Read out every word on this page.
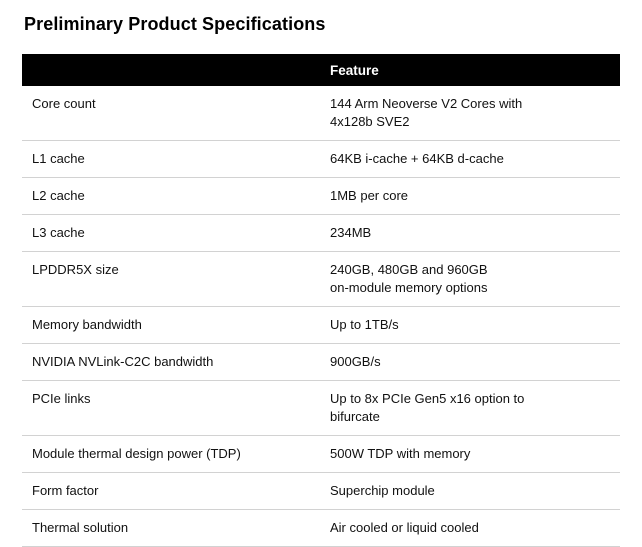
Preliminary Product Specifications
	Feature
Core count	144 Arm Neoverse V2 Cores with
4x128b SVE2

L1 cache	64KB i-cache + 64KB d-cache

L2 cache	1MB per core

L3 cache	234MB

LPDDR5X size	240GB, 480GB and 960GB
on-module memory options

Memory bandwidth	Up to 1TB/s

NVIDIA NVLink-C2C bandwidth	900GB/s

PCIe links	Up to 8x PCIe Gen5 x16 option to
bifurcate

Module thermal design power (TDP)	500W TDP with memory

Form factor	Superchip module

Thermal solution	Air cooled or liquid cooled
